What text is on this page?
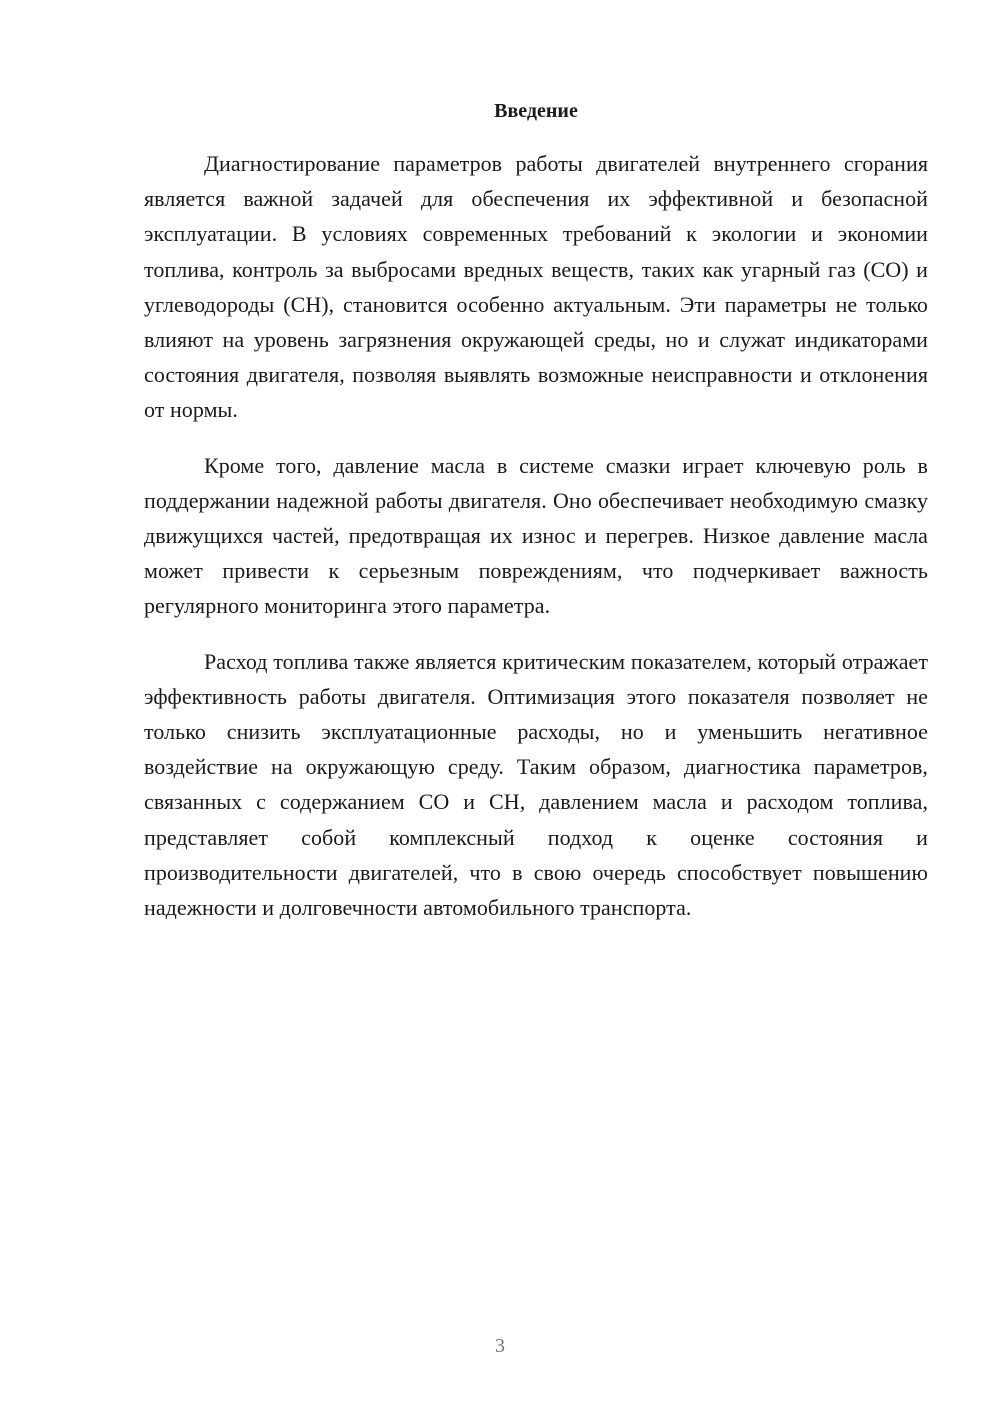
Введение

Диагностирование параметров работы двигателей внутреннего сгорания является важной задачей для обеспечения их эффективной и безопасной эксплуатации. В условиях современных требований к экологии и экономии топлива, контроль за выбросами вредных веществ, таких как угарный газ (CO) и углеводороды (CH), становится особенно актуальным. Эти параметры не только влияют на уровень загрязнения окружающей среды, но и служат индикаторами состояния двигателя, позволяя выявлять возможные неисправности и отклонения от нормы.

Кроме того, давление масла в системе смазки играет ключевую роль в поддержании надежной работы двигателя. Оно обеспечивает необходимую смазку движущихся частей, предотвращая их износ и перегрев. Низкое давление масла может привести к серьезным повреждениям, что подчеркивает важность регулярного мониторинга этого параметра.

Расход топлива также является критическим показателем, который отражает эффективность работы двигателя. Оптимизация этого показателя позволяет не только снизить эксплуатационные расходы, но и уменьшить негативное воздействие на окружающую среду. Таким образом, диагностика параметров, связанных с содержанием CO и CH, давлением масла и расходом топлива, представляет собой комплексный подход к оценке состояния и производительности двигателей, что в свою очередь способствует повышению надежности и долговечности автомобильного транспорта.

3
